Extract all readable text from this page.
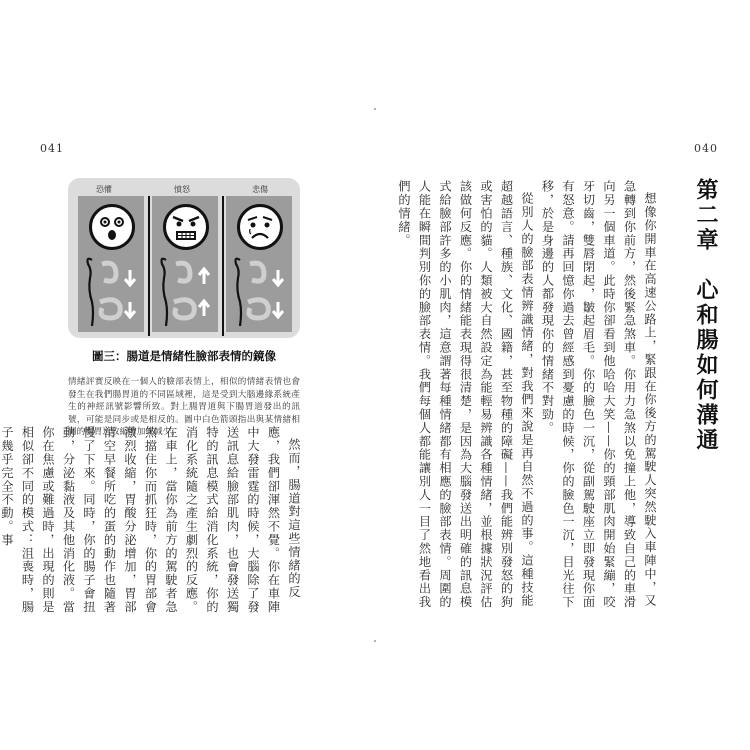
040
第二章　心和腸如何溝通

想像你開車在高速公路上，緊跟在你後方的駕駛人突然駛入車陣中，又急轉到你前方，然後緊急煞車。你用力急煞以免撞上他，導致自己的車滑向另一個車道。此時你卻看到他哈哈大笑——你的頸部肌肉開始緊繃，咬牙切齒，雙唇閉起，皺起眉毛。你的臉色一沉，從副駕駛座立即發現你面有怒意。請再回憶你過去曾經感到憂慮的時候，你的臉色一沉，目光往下移，於是身邊的人都發現你的情緒不對勁。

從別人的臉部表情辨識情緒，對我們來說是再自然不過的事。這種技能超越語言、種族、文化、國籍，甚至物種的障礙——我們能辨別發怒的狗或害怕的貓。人類被大自然設定為能輕易辨識各種情緒，並根據狀況評估該做何反應。你的情緒能表現得很清楚，是因為大腦發送出明確的訊息模式給臉部許多的小肌肉，這意謂著每種情緒都有相應的臉部表情。周圍的人能在瞬間判別你的臉部表情。我們每個人都能讓別人一目了然地看出我們的情緒。

041
恐懼	憤怒	悲傷
圖三：腸道是情緒性臉部表情的鏡像
情緒評實反映在一個人的臉部表情上，相似的情緒表情也會發生在我們腸胃道的不同區域裡，這是受到大腦邊緣系統產生的神經訊號影響所致。對上腸胃道與下腸胃道發出的訊號，可能是同步或是相反的。圖中白色箭頭指出與某情緒相關的腸胃道收縮增加或減少。

然而，腸道對這些情緒的反應，我們卻渾然不覺。你在車陣中大發雷霆的時候，大腦除了發送訊息給臉部肌肉，也會發送獨特的訊息模式給消化系統，你的消化系統隨之產生劇烈的反應。在車上，當你為前方的駕駛者急煞擋住你而抓狂時，你的胃部會激烈收縮，胃酸分泌增加，胃部清空早餐所吃的蛋的動作也隨著慢了下來。同時，你的腸子會扭動，分泌黏液及其他消化液。當你在焦慮或難過時，出現的則是相似卻不同的模式：沮喪時，腸子幾乎完全不動。事
